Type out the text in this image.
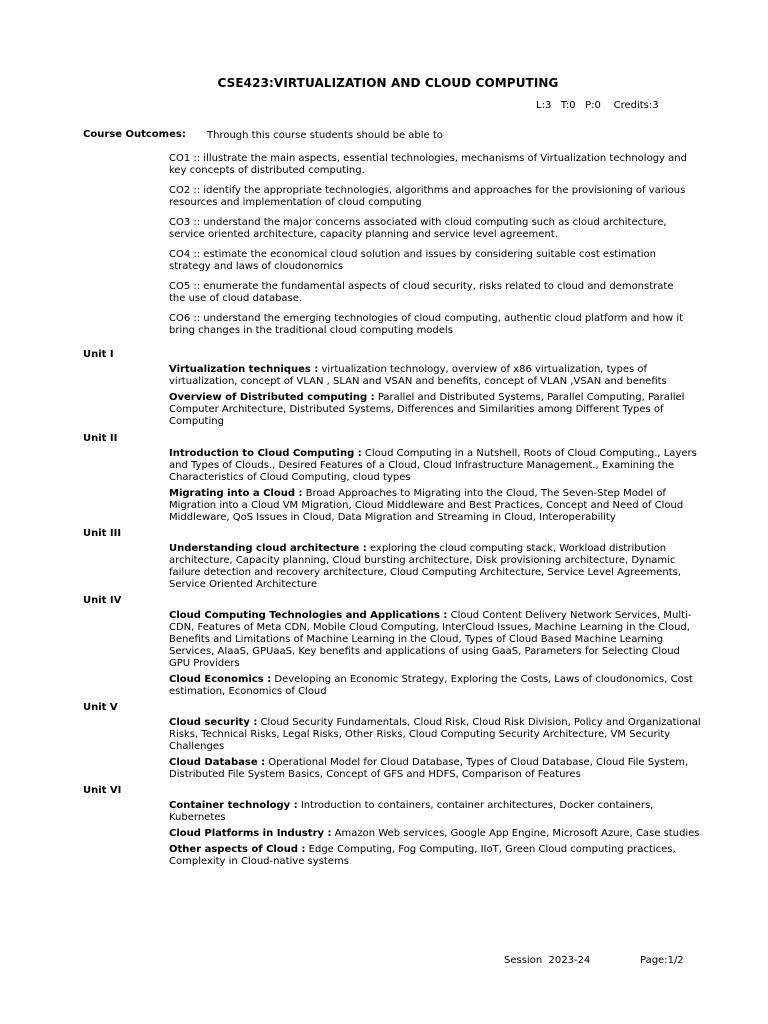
CSE423:VIRTUALIZATION AND CLOUD COMPUTING
L:3   T:0   P:0    Credits:3
Course Outcomes: Through this course students should be able to
CO1 :: illustrate the main aspects, essential technologies, mechanisms of Virtualization technology and key concepts of distributed computing.
CO2 :: identify the appropriate technologies, algorithms and approaches for the provisioning of various resources and implementation of cloud computing
CO3 :: understand the major concerns associated with cloud computing such as cloud architecture, service oriented architecture, capacity planning and service level agreement.
CO4 :: estimate the economical cloud solution and issues by considering suitable cost estimation strategy and laws of cloudonomics
CO5 :: enumerate the fundamental aspects of cloud security, risks related to cloud and demonstrate the use of cloud database.
CO6 :: understand the emerging technologies of cloud computing, authentic cloud platform and how it bring changes in the traditional cloud computing models
Unit I
Virtualization techniques : virtualization technology, overview of x86 virtualization, types of virtualization, concept of VLAN , SLAN and VSAN and benefits, concept of VLAN ,VSAN and benefits
Overview of Distributed computing : Parallel and Distributed Systems, Parallel Computing, Parallel Computer Architecture, Distributed Systems, Differences and Similarities among Different Types of Computing
Unit II
Introduction to Cloud Computing : Cloud Computing in a Nutshell, Roots of Cloud Computing., Layers and Types of Clouds., Desired Features of a Cloud, Cloud Infrastructure Management., Examining the Characteristics of Cloud Computing, cloud types
Migrating into a Cloud : Broad Approaches to Migrating into the Cloud, The Seven-Step Model of Migration into a Cloud VM Migration, Cloud Middleware and Best Practices, Concept and Need of Cloud Middleware, QoS Issues in Cloud, Data Migration and Streaming in Cloud, Interoperability
Unit III
Understanding cloud architecture : exploring the cloud computing stack, Workload distribution architecture, Capacity planning, Cloud bursting architecture, Disk provisioning architecture, Dynamic failure detection and recovery architecture, Cloud Computing Architecture, Service Level Agreements, Service Oriented Architecture
Unit IV
Cloud Computing Technologies and Applications : Cloud Content Delivery Network Services, Multi-CDN, Features of Meta CDN, Mobile Cloud Computing, InterCloud Issues, Machine Learning in the Cloud, Benefits and Limitations of Machine Learning in the Cloud, Types of Cloud Based Machine Learning Services, AIaaS, GPUaaS, Key benefits and applications of using GaaS, Parameters for Selecting Cloud GPU Providers
Cloud Economics : Developing an Economic Strategy, Exploring the Costs, Laws of cloudonomics, Cost estimation, Economics of Cloud
Unit V
Cloud security : Cloud Security Fundamentals, Cloud Risk, Cloud Risk Division, Policy and Organizational Risks, Technical Risks, Legal Risks, Other Risks, Cloud Computing Security Architecture, VM Security Challenges
Cloud Database : Operational Model for Cloud Database, Types of Cloud Database, Cloud File System, Distributed File System Basics, Concept of GFS and HDFS, Comparison of Features
Unit VI
Container technology : Introduction to containers, container architectures, Docker containers, Kubernetes
Cloud Platforms in Industry : Amazon Web services, Google App Engine, Microsoft Azure, Case studies
Other aspects of Cloud : Edge Computing, Fog Computing, IIoT, Green Cloud computing practices, Complexity in Cloud-native systems
Session  2023-24	Page:1/2
